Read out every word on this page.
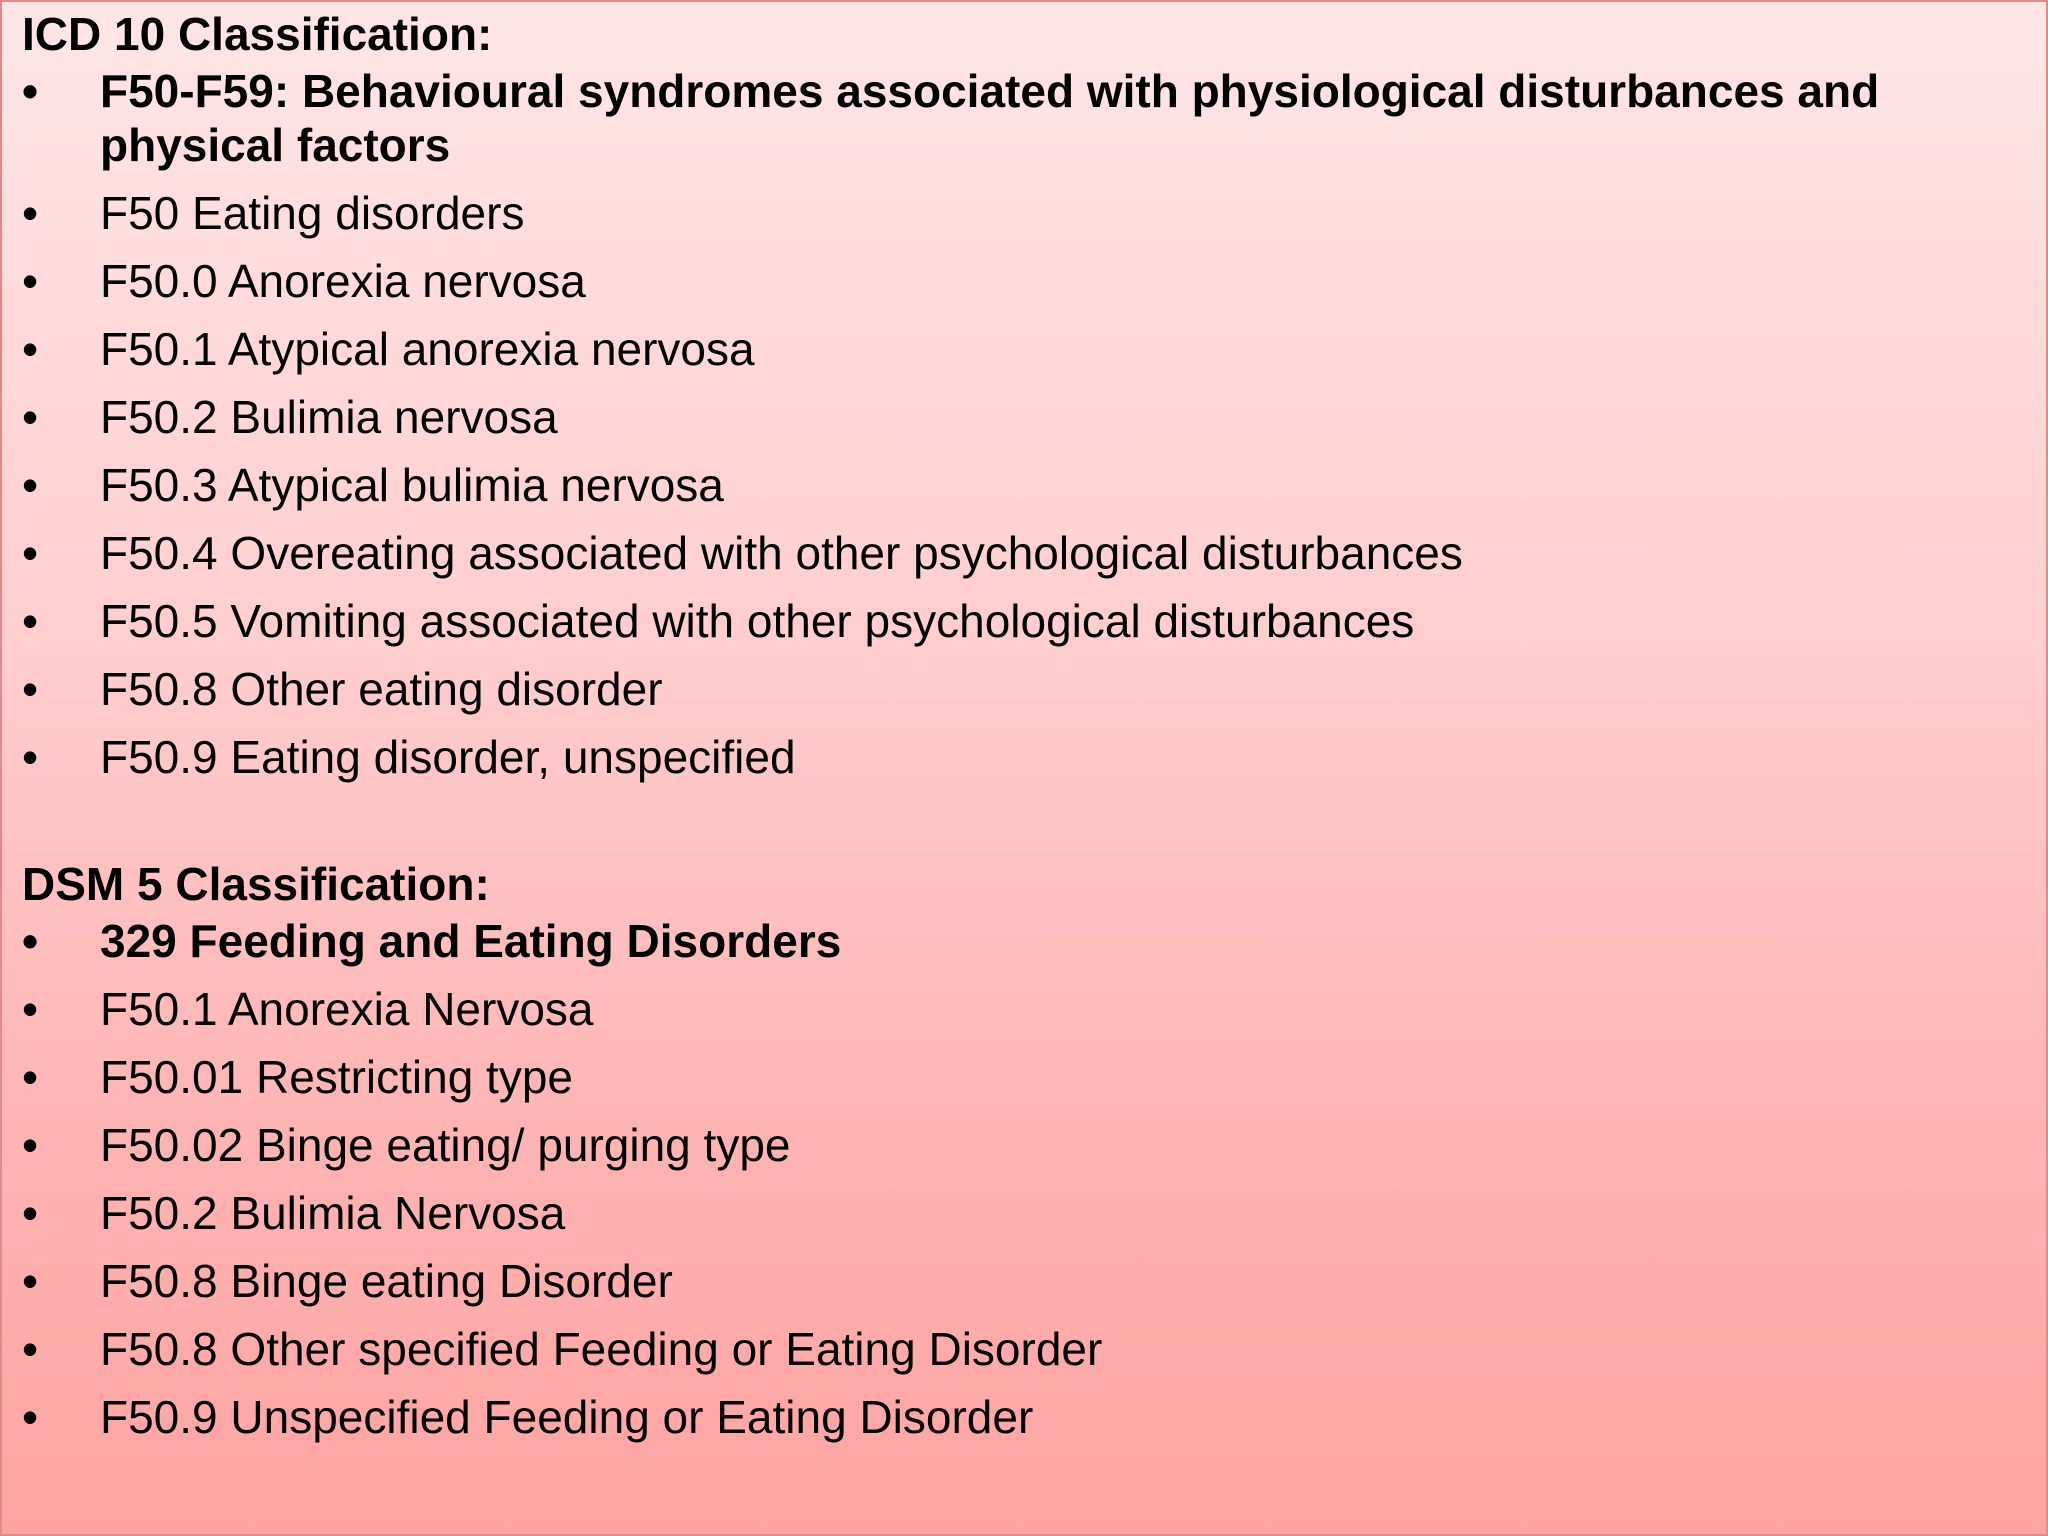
ICD 10 Classification:

•	F50-F59: Behavioural syndromes associated with physiological disturbances and physical factors
•	F50 Eating disorders
•	F50.0 Anorexia nervosa
•	F50.1 Atypical anorexia nervosa
•	F50.2 Bulimia nervosa
•	F50.3 Atypical bulimia nervosa
•	F50.4 Overeating associated with other psychological disturbances
•	F50.5 Vomiting associated with other psychological disturbances
•	F50.8 Other eating disorder
•	F50.9 Eating disorder, unspecified

DSM 5 Classification:

•	329 Feeding and Eating Disorders
•	F50.1 Anorexia Nervosa
•	F50.01 Restricting type
•	F50.02 Binge eating/ purging type
•	F50.2 Bulimia Nervosa
•	F50.8 Binge eating Disorder
•	F50.8 Other specified Feeding or Eating Disorder
•	F50.9 Unspecified Feeding or Eating Disorder
